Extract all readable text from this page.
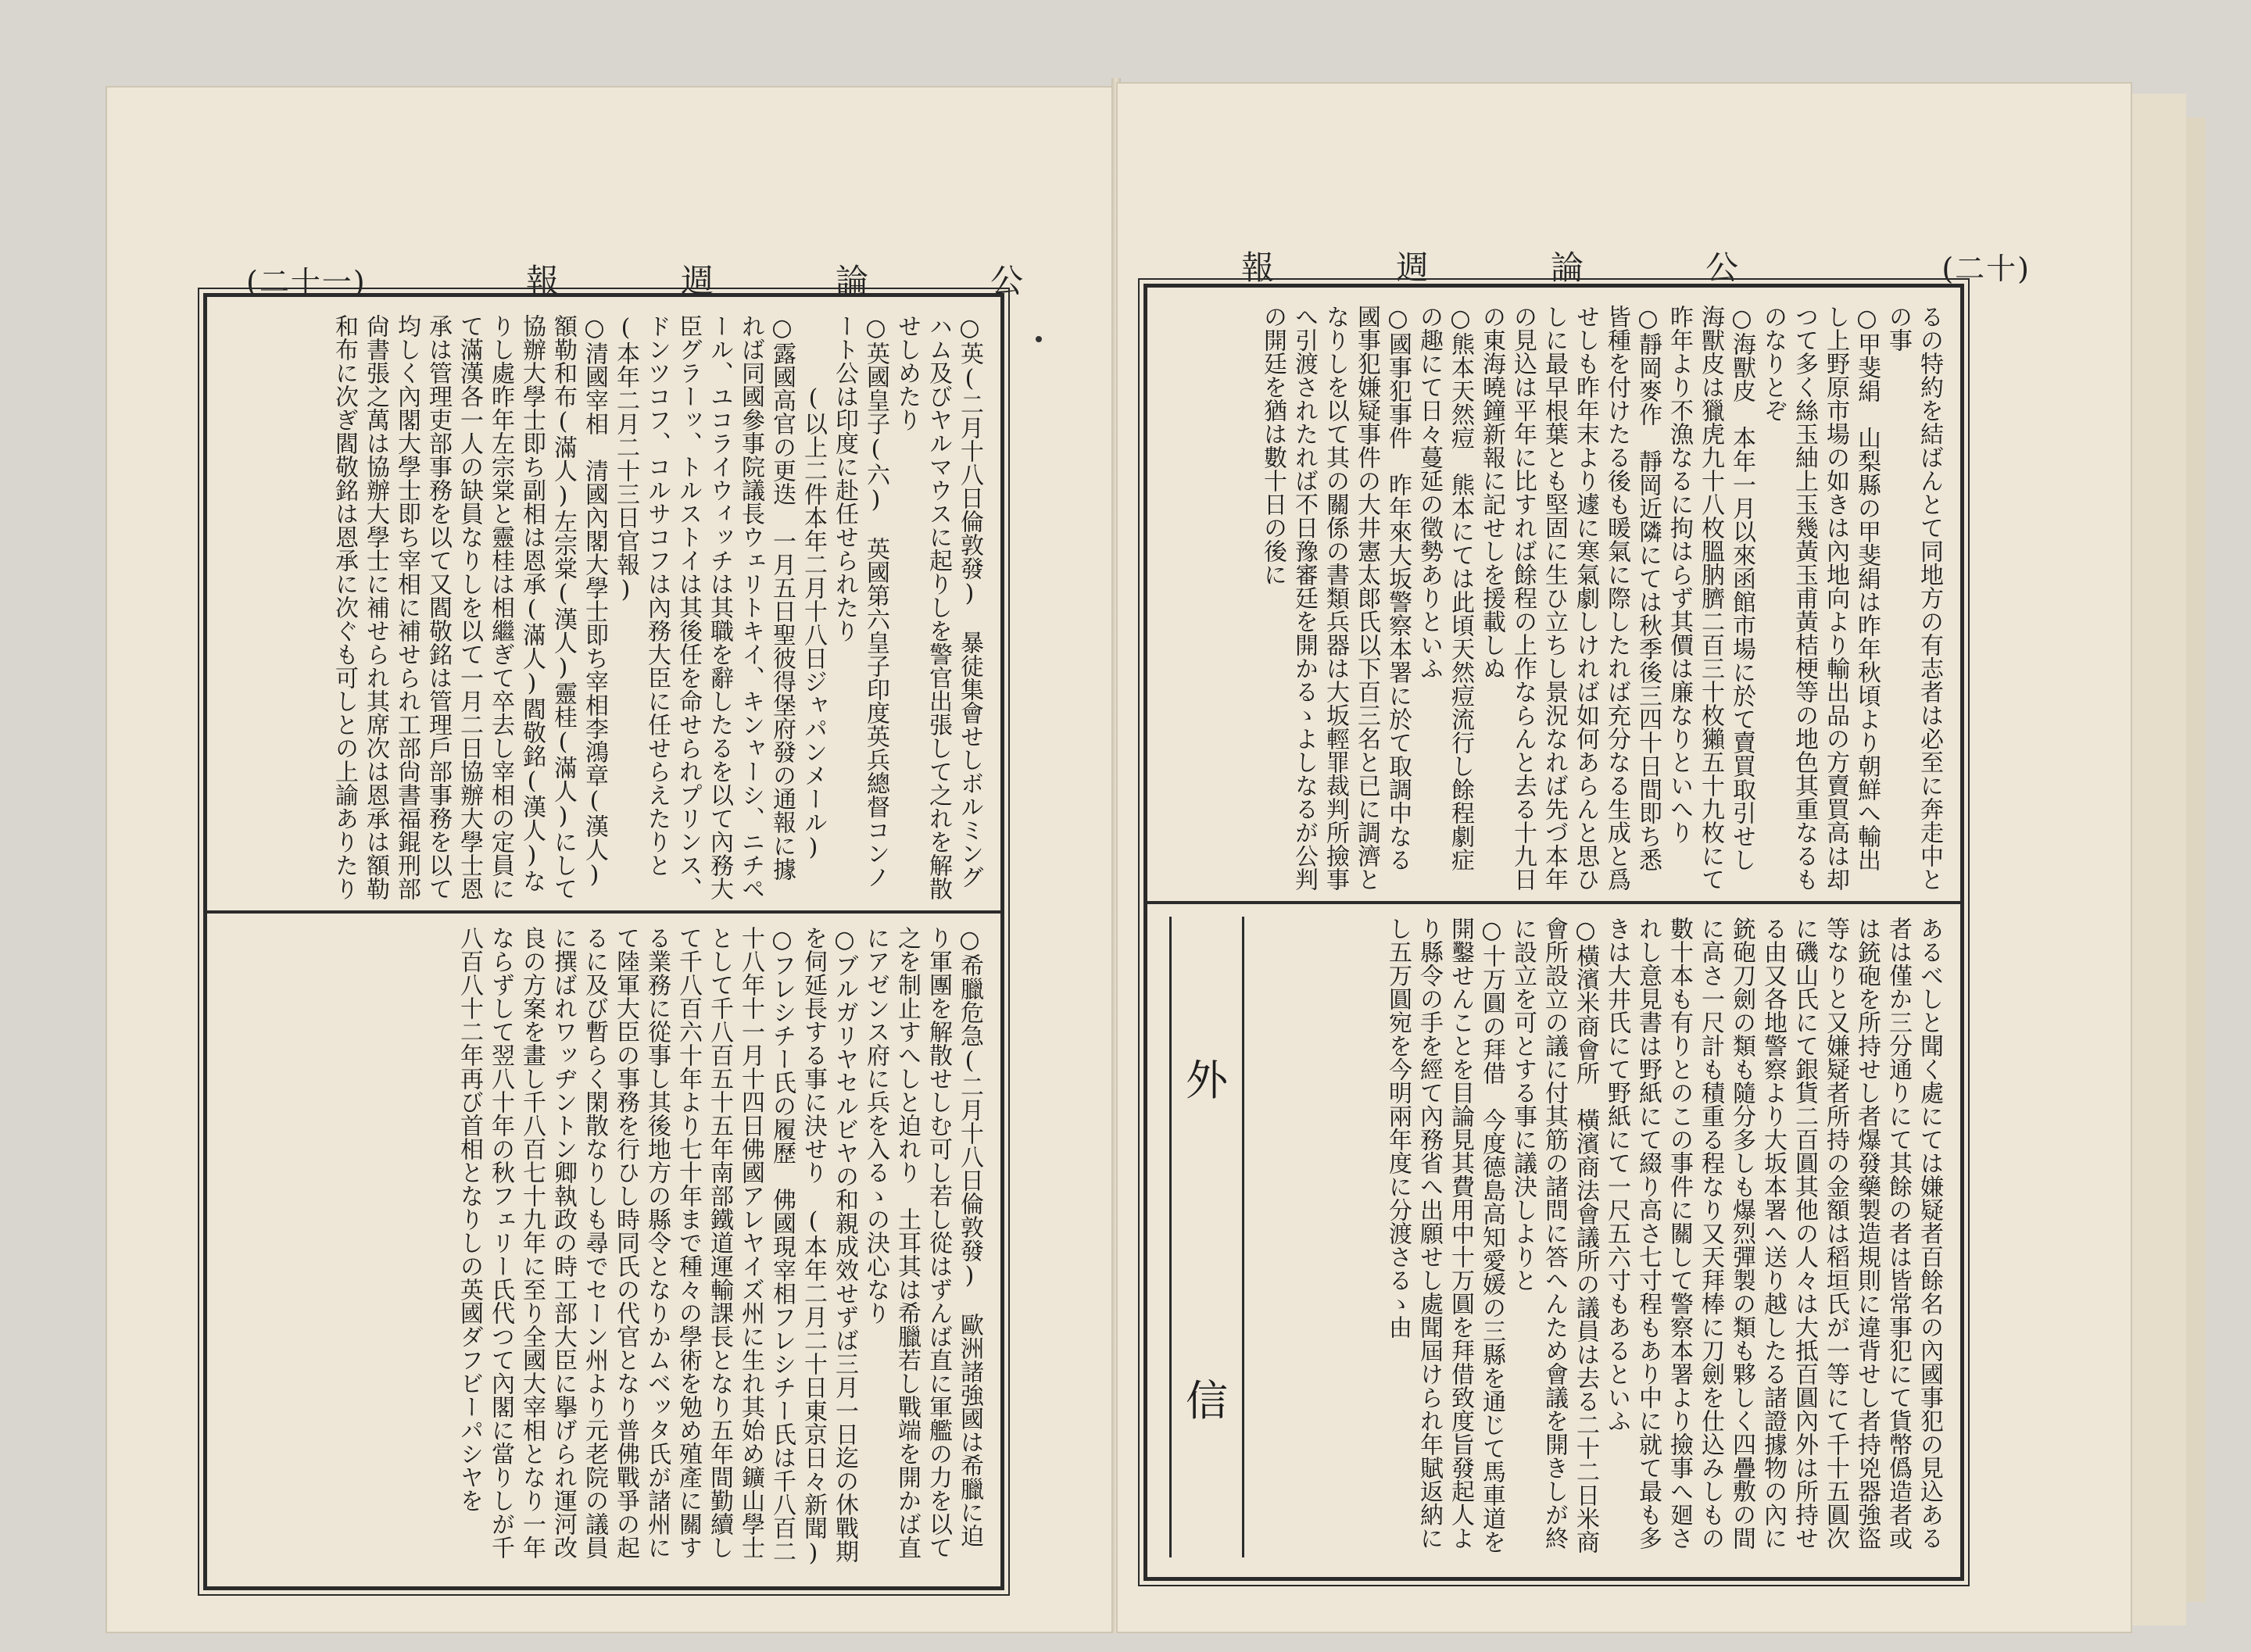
(二十一)	報	週	論	公
○英(二月十八日倫敦發)　暴徒集會せしボルミングハム及びヤルマウスに起りしを警官出張して之れを解散せしめたり
○英國皇子(六)　英國第六皇子印度英兵總督コンノート公は印度に赴任せられたり
　　　(以上二件本年二月十八日ジャパンメール)
○露國高官の更迭　一月五日聖彼得堡府發の通報に據れば同國參事院議長ウェリトキイ、キンャーシ、ニチペール、ユコライウィッチは其職を辭したるを以て內務大臣グラーッ、トルストイは其後任を命せられプリンス、ドンツコフ、コルサコフは內務大臣に任せらえたりと　(本年二月二十三日官報)
○清國宰相　清國內閣大學士即ち宰相李鴻章(漢人)額勒和布(滿人)左宗棠(漢人)靈桂(滿人)にして協辦大學士即ち副相は恩承(滿人)閻敬銘(漢人)なりし處昨年左宗棠と靈桂は相繼ぎて卒去し宰相の定員にて滿漢各一人の缺員なりしを以て一月二日協辦大學士恩承は管理吏部事務を以て又閻敬銘は管理戶部事務を以て均しく內閣大學士即ち宰相に補せられ工部尙書福錕刑部尙書張之萬は協辦大學士に補せられ其席次は恩承は額勒和布に次ぎ閻敬銘は恩承に次ぐも可しとの上諭ありたり
○希臘危急(二月十八日倫敦發)　歐洲諸強國は希臘に迫り軍團を解散せしむ可し若し從はずんば直に軍艦の力を以て之を制止すへしと迫れり　土耳其は希臘若し戰端を開かば直にアゼンス府に兵を入るゝの決心なり
○ブルガリヤセルビヤの和親成效せずば三月一日迄の休戰期を伺延長する事に決せり　(本年二月二十日東京日々新聞)
○フレシチー氏の履歷　佛國現宰相フレシチー氏は千八百二十八年十一月十四日佛國アレヤイズ州に生れ其始め鑛山學士として千八百五十五年南部鐵道運輸課長となり五年間勤續して千八百六十年より七十年まで種々の學術を勉め殖產に關する業務に從事し其後地方の縣令となりかムベッタ氏が諸州にて陸軍大臣の事務を行ひし時同氏の代官となり普佛戰爭の起るに及び暫らく閑散なりしも尋でセーン州より元老院の議員に撰ばれワッヂントン卿執政の時工部大臣に擧げられ運河改良の方案を畫し千八百七十九年に至り全國大宰相となり一年ならずして翌八十年の秋フェリー氏代つて內閣に當りしが千八百八十二年再び首相となりしの英國ダフビーパシヤを
報	週	論	公	(二十)
るの特約を結ばんとて同地方の有志者は必至に奔走中との事
○甲斐絹　山梨縣の甲斐絹は昨年秋頃より朝鮮へ輸出し上野原市場の如きは內地向より輸出品の方賣買高は却つて多く絲玉紬上玉幾黃玉甫黃桔梗等の地色其重なるものなりとぞ
○海獸皮　本年一月以來函館市場に於て賣買取引せし海獸皮は獵虎九十八枚膃肭臍二百三十枚獺五十九枚にて昨年より不漁なるに拘はらず其價は廉なりといへり
○靜岡麥作　靜岡近隣にては秋季後三四十日間即ち悉皆種を付けたる後も暖氣に際したれば充分なる生成と爲せしも昨年末より遽に寒氣劇しければ如何あらんと思ひしに最早根葉とも堅固に生ひ立ちし景況なれば先づ本年の見込は平年に比すれば餘程の上作ならんと去る十九日の東海曉鐘新報に記せしを援載しぬ
○熊本天然痘　熊本にては此頃天然痘流行し餘程劇症の趣にて日々蔓延の徵勢ありといふ
○國事犯事件　昨年來大坂警察本署に於て取調中なる國事犯嫌疑事件の大井憲太郞氏以下百三名と已に調濟となりしを以て其の關係の書類兵器は大坂輕罪裁判所撿事へ引渡されたれば不日豫審廷を開かるゝよしなるが公判の開廷を猶は數十日の後に
あるべしと聞く處にては嫌疑者百餘名の內國事犯の見込ある者は僅か三分通りにて其餘の者は皆常事犯にて貨幣僞造者或は銃砲を所持せし者爆發藥製造規則に違背せし者持兇器強盜等なりと又嫌疑者所持の金額は稻垣氏が一等にて千十五圓次に磯山氏にて銀貨二百圓其他の人々は大抵百圓內外は所持せる由又各地警察より大坂本署へ送り越したる諸證據物の內に銃砲刀劍の類も隨分多しも爆烈彈製の類も夥しく四疊敷の間に高さ一尺計も積重る程なり又天拜棒に刀劍を仕込みしもの數十本も有りとのこの事件に關して警察本署より撿事へ廻されし意見書は野紙にて綴り高さ七寸程もあり中に就て最も多きは大井氏にて野紙にて一尺五六寸もあるといふ
○橫濱米商會所　橫濱商法會議所の議員は去る二十二日米商會所設立の議に付其筋の諸問に答へんため會議を開きしが終に設立を可とする事に議決しよりと
○十万圓の拜借　今度德島高知愛媛の三縣を通じて馬車道を開鑿せんことを目論見其費用中十万圓を拜借致度旨發起人より縣令の手を經て內務省へ出願せし處聞屆けられ年賦返納にし五万圓宛を今明兩年度に分渡さるゝ由
外
信
